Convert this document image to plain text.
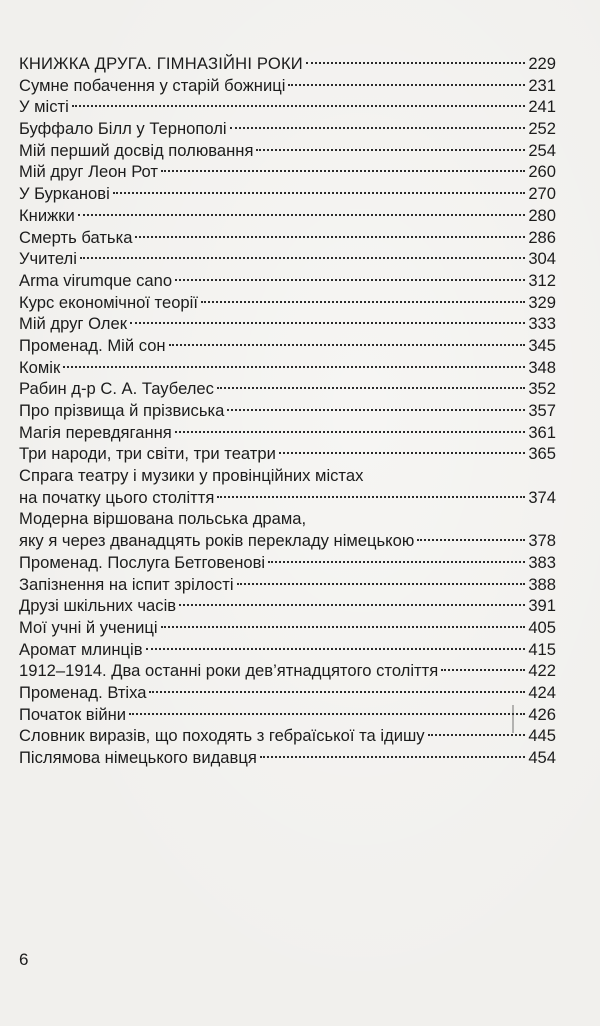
КНИЖКА ДРУГА. ГІМНАЗІЙНІ РОКИ	229
Сумне побачення у старій божниці	231
У місті	241
Буффало Білл у Тернополі	252
Мій перший досвід полювання	254
Мій друг Леон Рот	260
У Бурканові	270
Книжки	280
Смерть батька	286
Учителі	304
Arma virumque cano	312
Курс економічної теорії	329
Мій друг Олек	333
Променад. Мій сон	345
Комік	348
Рабин д-р С. А. Таубелес	352
Про прізвища й прізвиська	357
Магія перевдягання	361
Три народи, три світи, три театри	365
Спрага театру і музики у провінційних містах
на початку цього століття	374
Модерна віршована польська драма,
яку я через дванадцять років перекладу німецькою	378
Променад. Послуга Бетговенові	383
Запізнення на іспит зрілості	388
Друзі шкільних часів	391
Мої учні й учениці	405
Аромат млинців	415
1912–1914. Два останні роки дев’ятнадцятого століття	422
Променад. Втіха	424
Початок війни	426
Словник виразів, що походять з гебраїської та ідишу	445
Післямова німецького видавця	454
6
